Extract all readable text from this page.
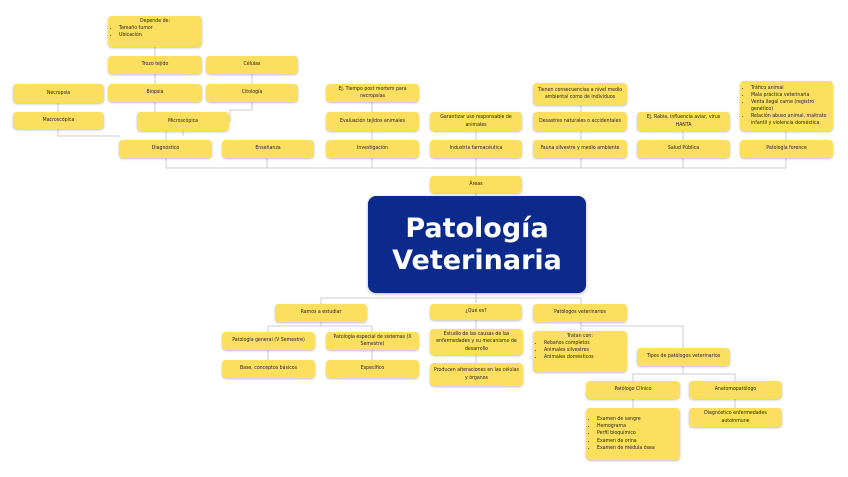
Patología
Veterinaria
Áreas
Diagnóstico
Macroscópica
Necropsia
Microscópica
Biopsia
Trozo tejido
Depende de:
• Tamaño tumor
• Ubicación
Citología
Células
Enseñanza	Investigación
Evaluación tejidos animales
Ej. Tiempo post mortem para necropsias
Industria farmacéutica
Garantizar uso responsable de animales
Fauna silvestre y medio ambiente
Desastres naturales o accidentales
Tienen consecuencias a nivel medio ambiental como de individuos
Salud Pública
Ej. Rabia, influencia aviar, virus HANTA
Patología forence
• Tráfico animal
• Mala práctica veterinaria
• Venta ilegal carne (registro genético)
• Relación abuso animal, maltrato infantil y violencia doméstica
Ramos a estudiar
Patología general (V Semestre)
Base, conceptos básicos
Patología especial de sistemas (X Semestre)
Específico
¿Qué es?
Estudio de las causas de las enfermedades y su mecanismo de desarrollo
Producen alteraciones en las células y órganos
Patólogos veterinarios
Tratan con:
• Rebaños completos
• Animales silvestres
• Animales domésticos	Tipos de patólogos veterinarios
Patólogo Clínico
• Examen de sangre
• Hemograma
• Perfil bioquímico
• Examen de orina
• Examen de médula ósea
Anatomopatólogo
Diagnóstico enfermedades autoinmune
